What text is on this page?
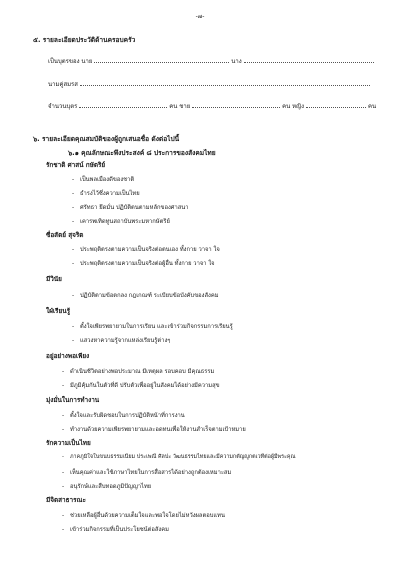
-๗-
๕. รายละเอียดประวัติด้านครอบครัว
เป็นบุตรของ นาย	นาง
นามคู่สมรส
จำนวนบุตร	คน ชาย	คน หญิง	คน
๖. รายละเอียดคุณสมบัติของผู้ถูกเสนอชื่อ ดังต่อไปนี้
๖.๑ คุณลักษณะพึงประสงค์ ๘ ประการของสังคมไทย
รักชาติ ศาสน์ กษัตริย์
- เป็นพลเมืองดีของชาติ
- ธำรงไว้ซึ่งความเป็นไทย
- ศรัทธา ยึดมั่น ปฏิบัติตนตามหลักของศาสนา
- เคารพเทิดทูนสถาบันพระมหากษัตริย์
ซื่อสัตย์ สุจริต
- ประพฤติตรงตามความเป็นจริงต่อตนเอง ทั้งกาย วาจา ใจ
- ประพฤติตรงตามความเป็นจริงต่อผู้อื่น ทั้งกาย วาจา ใจ
มีวินัย
- ปฏิบัติตามข้อตกลง กฎเกณฑ์ ระเบียบข้อบังคับของสังคม
ใฝ่เรียนรู้
- ตั้งใจเพียรพยายามในการเรียน และเข้าร่วมกิจกรรมการเรียนรู้
- แสวงหาความรู้จากแหล่งเรียนรู้ต่างๆ
อยู่อย่างพอเพียง
- ดำเนินชีวิตอย่างพอประมาณ มีเหตุผล รอบคอบ มีคุณธรรม
- มีภูมิคุ้มกันในตัวที่ดี ปรับตัวเพื่ออยู่ในสังคมได้อย่างมีความสุข
มุ่งมั่นในการทำงาน
- ตั้งใจและรับผิดชอบในการปฏิบัติหน้าที่การงาน
- ทำงานด้วยความเพียรพยายามและอดทนเพื่อให้งานสำเร็จตามเป้าหมาย
รักความเป็นไทย
- ภาคภูมิใจในขนบธรรมเนียม ประเพณี ศิลปะ วัฒนธรรมไทยและมีความกตัญญูกตเวทีต่อผู้มีพระคุณ
- เห็นคุณค่าและใช้ภาษาไทยในการสื่อสารได้อย่างถูกต้องเหมาะสม
- อนุรักษ์และสืบทอดภูมิปัญญาไทย
มีจิตสาธารณะ
- ช่วยเหลือผู้อื่นด้วยความเต็มใจและพอใจโดยไม่หวังผลตอบแทน
- เข้าร่วมกิจกรรมที่เป็นประโยชน์ต่อสังคม
